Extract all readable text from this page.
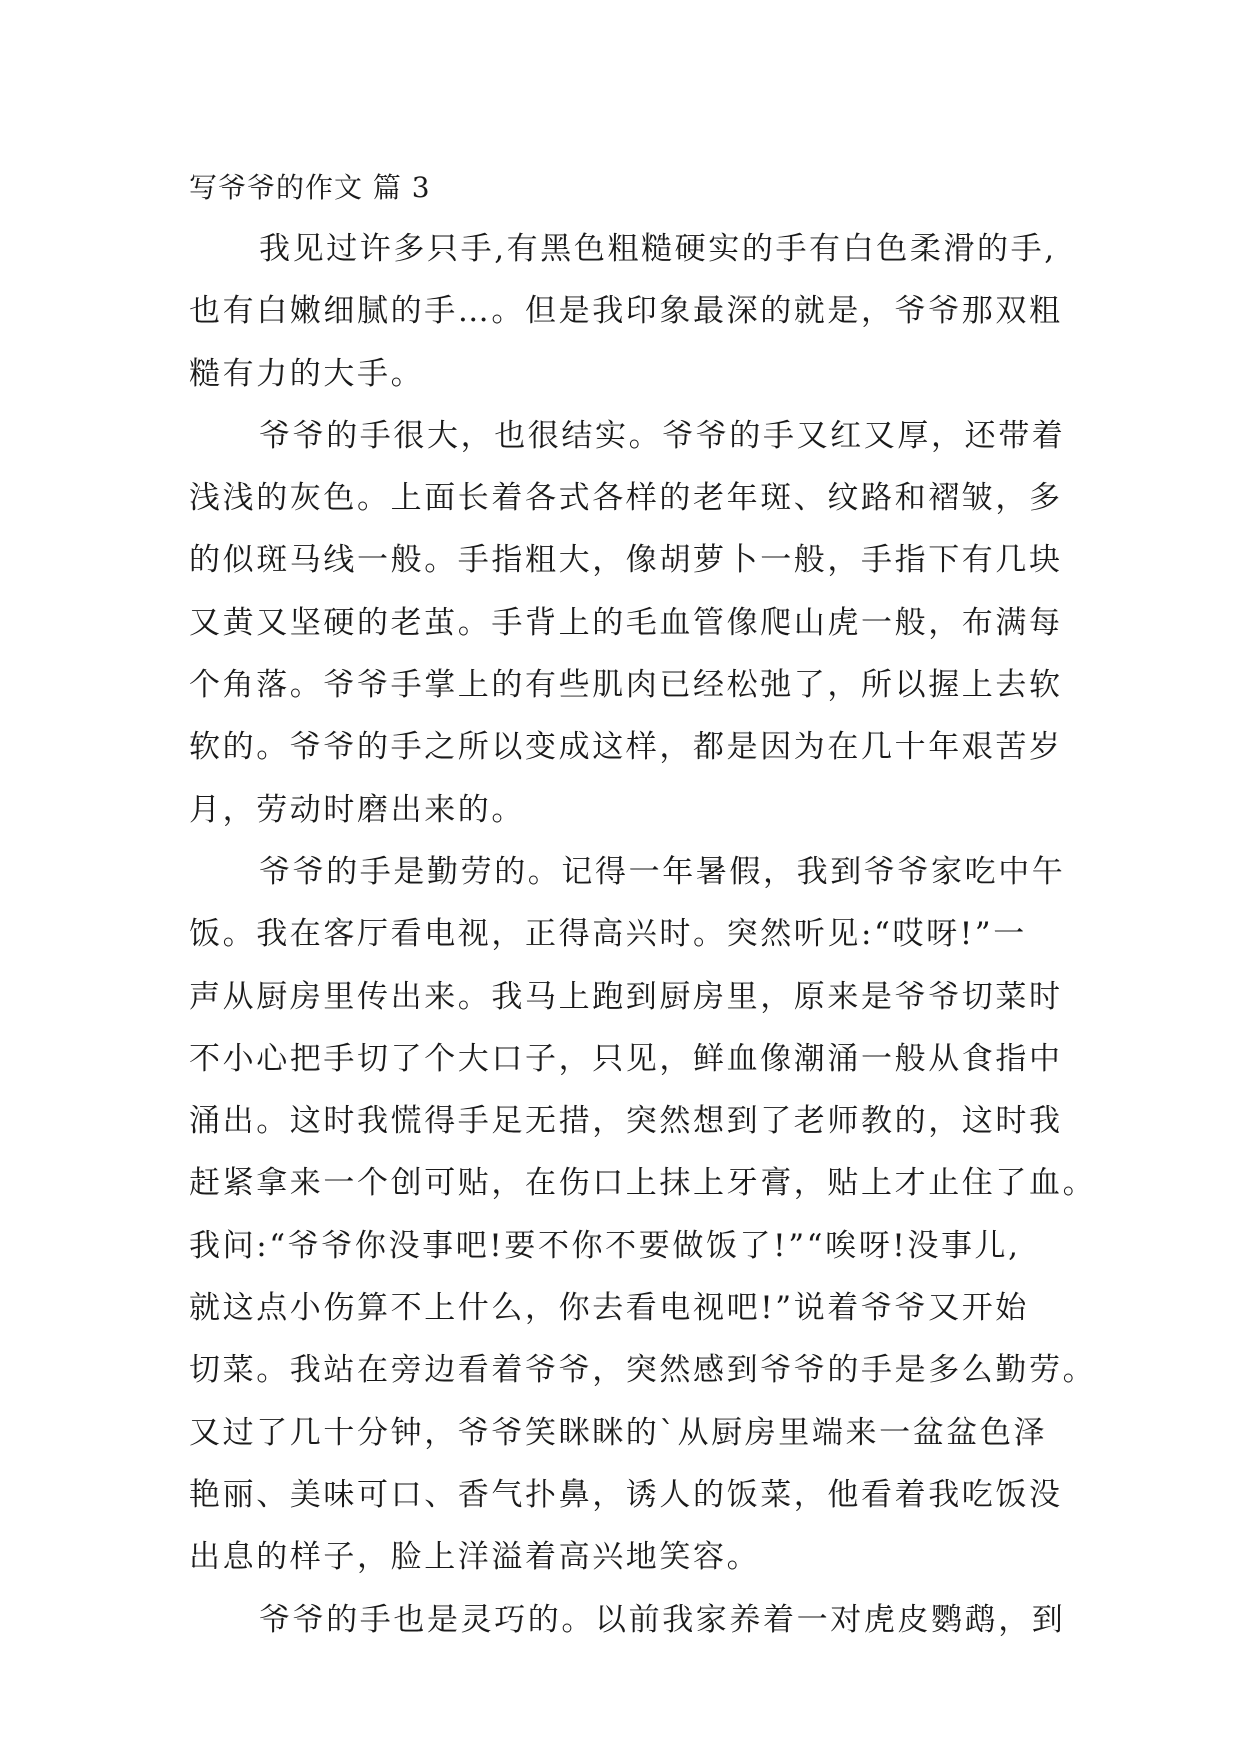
写爷爷的作文 篇 3
我见过许多只手,有黑色粗糙硬实的手有白色柔滑的手,
也有白嫩细腻的手…。但是我印象最深的就是，爷爷那双粗
糙有力的大手。
爷爷的手很大，也很结实。爷爷的手又红又厚，还带着
浅浅的灰色。上面长着各式各样的老年斑、纹路和褶皱，多
的似斑马线一般。手指粗大，像胡萝卜一般，手指下有几块
又黄又坚硬的老茧。手背上的毛血管像爬山虎一般，布满每
个角落。爷爷手掌上的有些肌肉已经松弛了，所以握上去软
软的。爷爷的手之所以变成这样，都是因为在几十年艰苦岁
月，劳动时磨出来的。
爷爷的手是勤劳的。记得一年暑假，我到爷爷家吃中午
饭。我在客厅看电视，正得高兴时。突然听见:“哎呀!”一
声从厨房里传出来。我马上跑到厨房里，原来是爷爷切菜时
不小心把手切了个大口子，只见，鲜血像潮涌一般从食指中
涌出。这时我慌得手足无措，突然想到了老师教的，这时我
赶紧拿来一个创可贴，在伤口上抹上牙膏，贴上才止住了血。
我问:“爷爷你没事吧!要不你不要做饭了!”“唉呀!没事儿,
就这点小伤算不上什么，你去看电视吧!”说着爷爷又开始
切菜。我站在旁边看着爷爷，突然感到爷爷的手是多么勤劳。
又过了几十分钟，爷爷笑眯眯的`从厨房里端来一盆盆色泽
艳丽、美味可口、香气扑鼻，诱人的饭菜，他看着我吃饭没
出息的样子，脸上洋溢着高兴地笑容。
爷爷的手也是灵巧的。以前我家养着一对虎皮鹦鹉，到
